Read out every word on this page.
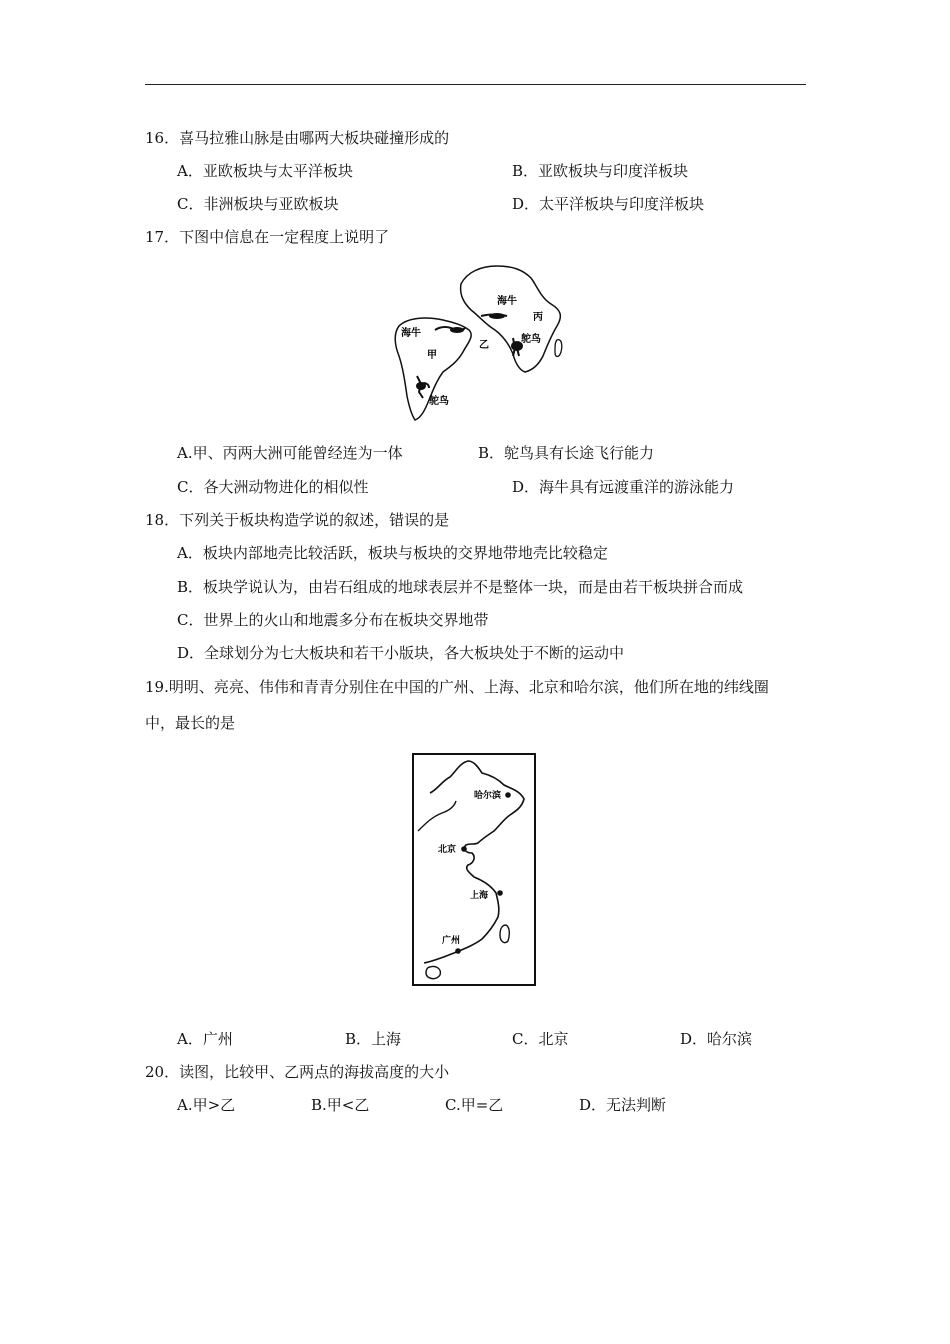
16．喜马拉雅山脉是由哪两大板块碰撞形成的
A．亚欧板块与太平洋板块	B．亚欧板块与印度洋板块
C．非洲板块与亚欧板块	D．太平洋板块与印度洋板块
17．下图中信息在一定程度上说明了
海牛
丙
鸵鸟
乙
海牛
甲
鸵鸟
A.甲、丙两大洲可能曾经连为一体	B．鸵鸟具有长途飞行能力
C．各大洲动物进化的相似性	D．海牛具有远渡重洋的游泳能力
18．下列关于板块构造学说的叙述，错误的是
A．板块内部地壳比较活跃，板块与板块的交界地带地壳比较稳定
B．板块学说认为，由岩石组成的地球表层并不是整体一块，而是由若干板块拼合而成
C．世界上的火山和地震多分布在板块交界地带
D．全球划分为七大板块和若干小版块，各大板块处于不断的运动中
19.明明、亮亮、伟伟和青青分别住在中国的广州、上海、北京和哈尔滨，他们所在地的纬线圈
中，最长的是
哈尔滨
北京
上海
广州
A．广州	B．上海	C．北京	D．哈尔滨
20．读图，比较甲、乙两点的海拔高度的大小
A.甲>乙	B.甲<乙	C.甲=乙	D．无法判断
